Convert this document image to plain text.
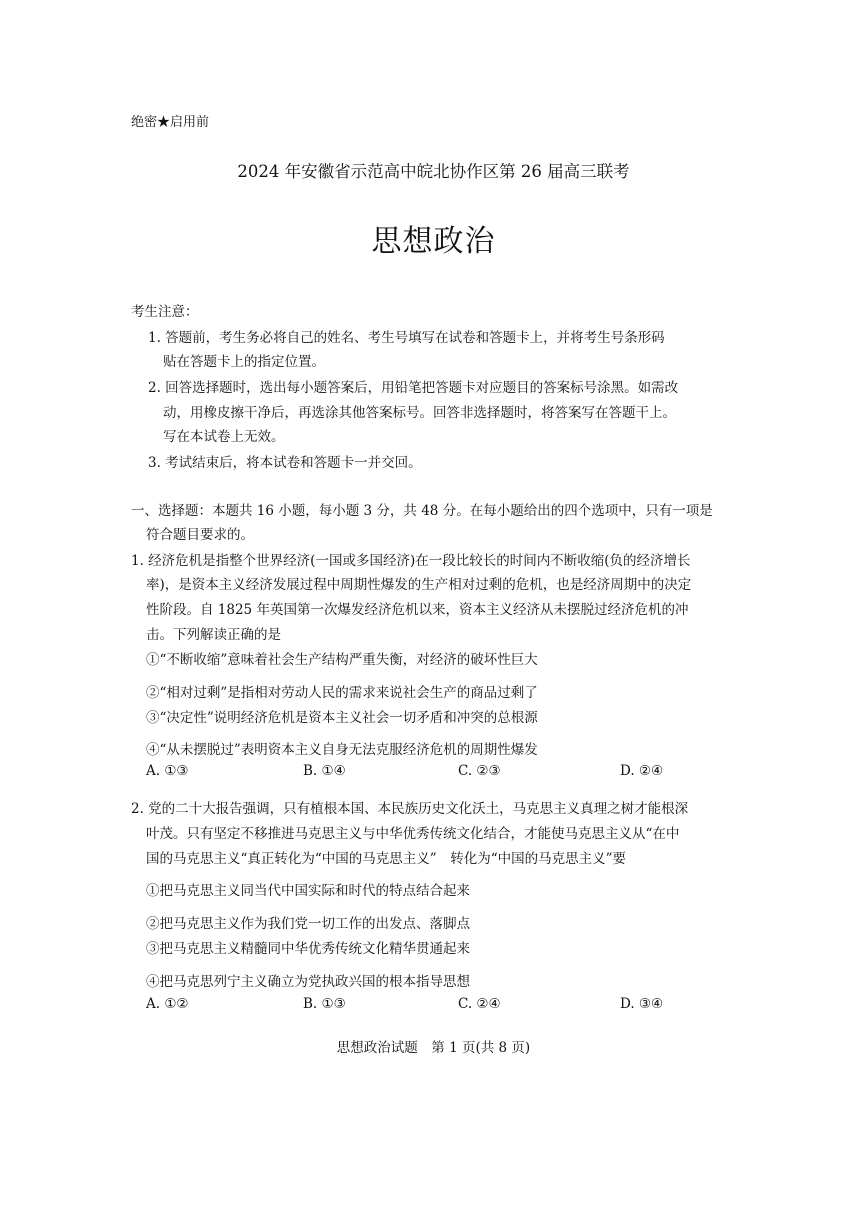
绝密★启用前
2024 年安徽省示范高中皖北协作区第 26 届高三联考
思想政治
考生注意：
1. 答题前，考生务必将自己的姓名、考生号填写在试卷和答题卡上，并将考生号条形码
贴在答题卡上的指定位置。
2. 回答选择题时，选出每小题答案后，用铅笔把答题卡对应题目的答案标号涂黑。如需改
动，用橡皮擦干净后，再选涂其他答案标号。回答非选择题时，将答案写在答题干上。
写在本试卷上无效。
3. 考试结束后，将本试卷和答题卡一并交回。
一、选择题：本题共 16 小题，每小题 3 分，共 48 分。在每小题给出的四个选项中，只有一项是
符合题目要求的。
1. 经济危机是指整个世界经济(一国或多国经济)在一段比较长的时间内不断收缩(负的经济增长
率)，是资本主义经济发展过程中周期性爆发的生产相对过剩的危机，也是经济周期中的决定
性阶段。自 1825 年英国第一次爆发经济危机以来，资本主义经济从未摆脱过经济危机的冲
击。下列解读正确的是
①“不断收缩”意味着社会生产结构严重失衡，对经济的破坏性巨大
②“相对过剩”是指相对劳动人民的需求来说社会生产的商品过剩了
③“决定性”说明经济危机是资本主义社会一切矛盾和冲突的总根源
④“从未摆脱过”表明资本主义自身无法克服经济危机的周期性爆发
A. ①③	B. ①④	C. ②③	D. ②④
2. 党的二十大报告强调，只有植根本国、本民族历史文化沃土，马克思主义真理之树才能根深
叶茂。只有坚定不移推进马克思主义与中华优秀传统文化结合，才能使马克思主义从“在中
国的马克思主义“真正转化为“中国的马克思主义”　转化为“中国的马克思主义”要
①把马克思主义同当代中国实际和时代的特点结合起来
②把马克思主义作为我们党一切工作的出发点、落脚点
③把马克思主义精髓同中华优秀传统文化精华贯通起来
④把马克思列宁主义确立为党执政兴国的根本指导思想
A. ①②	B. ①③	C. ②④	D. ③④
思想政治试题　第 1 页(共 8 页)
